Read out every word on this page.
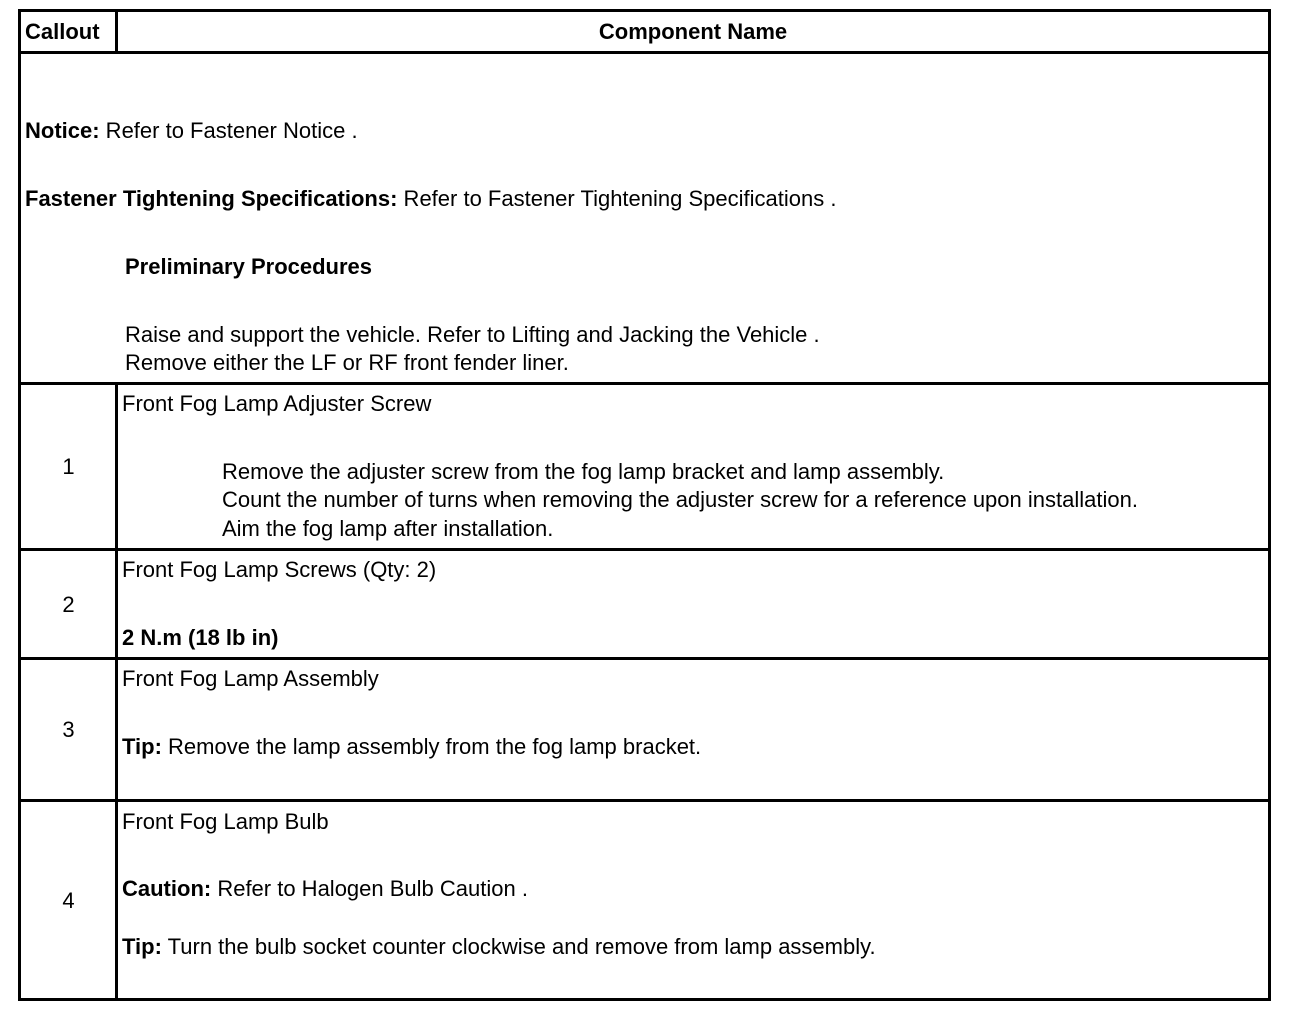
Callout	Component Name
Notice: Refer to Fastener Notice .
Fastener Tightening Specifications: Refer to Fastener Tightening Specifications .
Preliminary Procedures
Raise and support the vehicle. Refer to Lifting and Jacking the Vehicle .
Remove either the LF or RF front fender liner.
1
Front Fog Lamp Adjuster Screw
Remove the adjuster screw from the fog lamp bracket and lamp assembly.
Count the number of turns when removing the adjuster screw for a reference upon installation.
Aim the fog lamp after installation.
2
Front Fog Lamp Screws (Qty: 2)
2 N.m (18 lb in)
3
Front Fog Lamp Assembly
Tip: Remove the lamp assembly from the fog lamp bracket.
4
Front Fog Lamp Bulb
Caution: Refer to Halogen Bulb Caution .
Tip: Turn the bulb socket counter clockwise and remove from lamp assembly.
